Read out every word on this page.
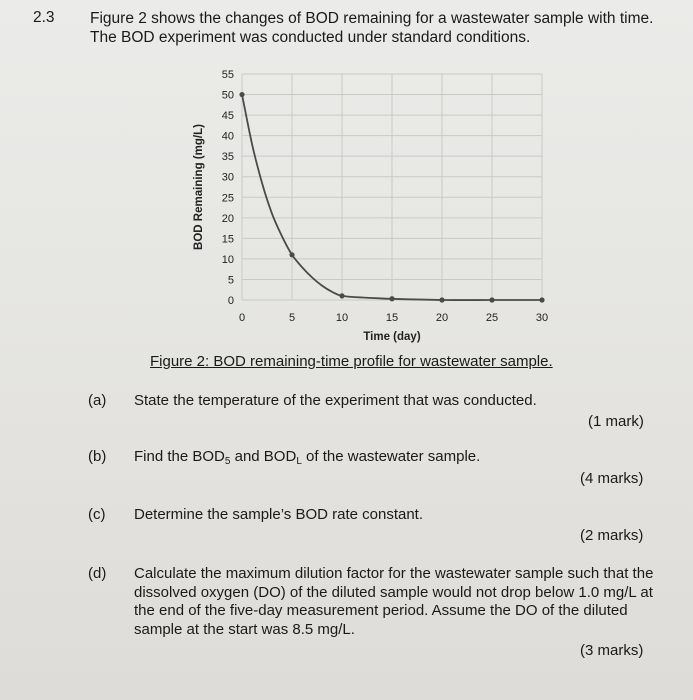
2.3 Figure 2 shows the changes of BOD remaining for a wastewater sample with time. The BOD experiment was conducted under standard conditions.
0
5
10
15
20
25
30
35
40
45
50
55
0	5	10	15	20	25	30
BOD Remaining (mg/L)
Time (day)
Figure 2: BOD remaining-time profile for wastewater sample.
(a) State the temperature of the experiment that was conducted.
(1 mark)
(b) Find the $BOD_5$ and $BOD_L$ of the wastewater sample.
(4 marks)
(c) Determine the sample’s BOD rate constant.
(2 marks)
(d) Calculate the maximum dilution factor for the wastewater sample such that the dissolved oxygen (DO) of the diluted sample would not drop below 1.0 mg/L at the end of the five-day measurement period. Assume the DO of the diluted sample at the start was 8.5 mg/L.
(3 marks)
